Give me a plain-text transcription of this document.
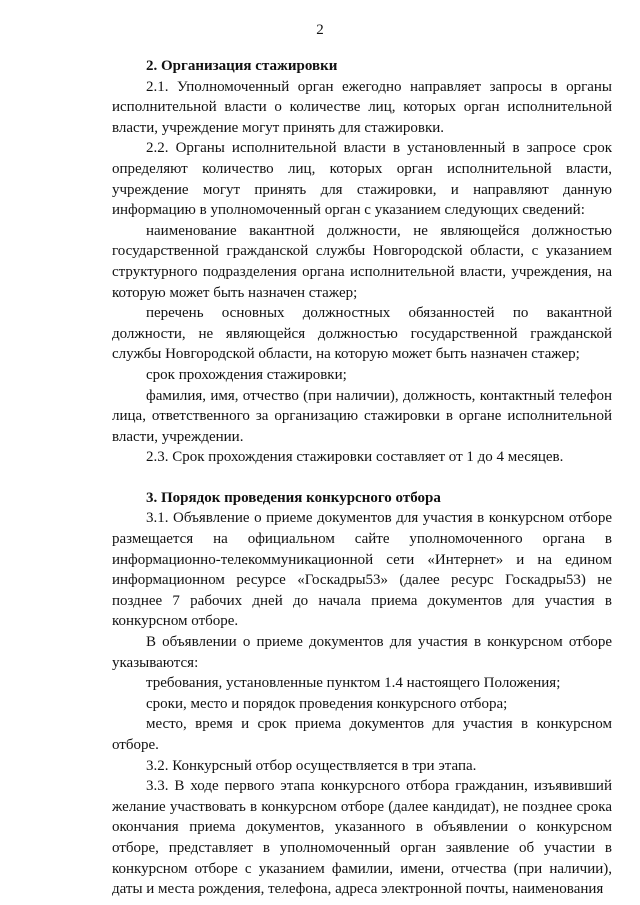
2
2. Организация стажировки

2.1. Уполномоченный орган ежегодно направляет запросы в органы исполнительной власти о количестве лиц, которых орган исполнительной власти, учреждение могут принять для стажировки.

2.2. Органы исполнительной власти в установленный в запросе срок определяют количество лиц, которых орган исполнительной власти, учреждение могут принять для стажировки, и направляют данную информацию в уполномоченный орган с указанием следующих сведений:

наименование вакантной должности, не являющейся должностью государственной гражданской службы Новгородской области, с указанием структурного подразделения органа исполнительной власти, учреждения, на которую может быть назначен стажер;

перечень основных должностных обязанностей по вакантной должности, не являющейся должностью государственной гражданской службы Новгородской области, на которую может быть назначен стажер;

срок прохождения стажировки;

фамилия, имя, отчество (при наличии), должность, контактный телефон лица, ответственного за организацию стажировки в органе исполнительной власти, учреждении.

2.3. Срок прохождения стажировки составляет от 1 до 4 месяцев.

3. Порядок проведения конкурсного отбора

3.1. Объявление о приеме документов для участия в конкурсном отборе размещается на официальном сайте уполномоченного органа в информационно-телекоммуникационной сети «Интернет» и на едином информационном ресурсе «Госкадры53» (далее ресурс Госкадры53) не позднее 7 рабочих дней до начала приема документов для участия в конкурсном отборе.

В объявлении о приеме документов для участия в конкурсном отборе указываются:

требования, установленные пунктом 1.4 настоящего Положения;

сроки, место и порядок проведения конкурсного отбора;

место, время и срок приема документов для участия в конкурсном отборе.

3.2. Конкурсный отбор осуществляется в три этапа.

3.3. В ходе первого этапа конкурсного отбора гражданин, изъявивший желание участвовать в конкурсном отборе (далее кандидат), не позднее срока окончания приема документов, указанного в объявлении о конкурсном отборе, представляет в уполномоченный орган заявление об участии в конкурсном отборе с указанием фамилии, имени, отчества (при наличии), даты и места рождения, телефона, адреса электронной почты, наименования
